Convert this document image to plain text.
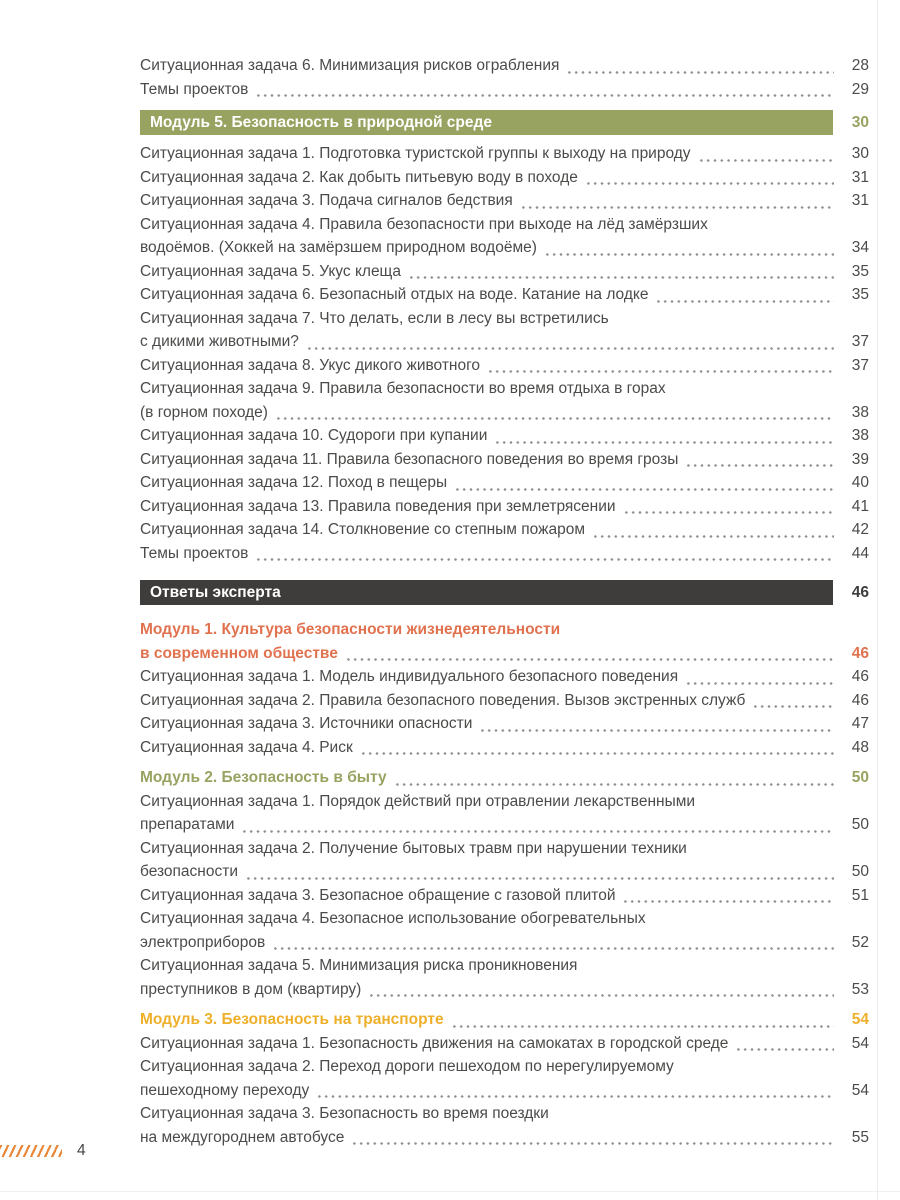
Ситуационная задача 6. Минимизация рисков ограбления	28
Темы проектов	29
Модуль 5. Безопасность в природной среде	30
Ситуационная задача 1. Подготовка туристской группы к выходу на природу	30
Ситуационная задача 2. Как добыть питьевую воду в походе	31
Ситуационная задача 3. Подача сигналов бедствия	31
Ситуационная задача 4. Правила безопасности при выходе на лёд замёрзших
водоёмов. (Хоккей на замёрзшем природном водоёме)	34
Ситуационная задача 5. Укус клеща	35
Ситуационная задача 6. Безопасный отдых на воде. Катание на лодке	35
Ситуационная задача 7. Что делать, если в лесу вы встретились
с дикими животными?	37
Ситуационная задача 8. Укус дикого животного	37
Ситуационная задача 9. Правила безопасности во время отдыха в горах
(в горном походе)	38
Ситуационная задача 10. Судороги при купании	38
Ситуационная задача 11. Правила безопасного поведения во время грозы	39
Ситуационная задача 12. Поход в пещеры	40
Ситуационная задача 13. Правила поведения при землетрясении	41
Ситуационная задача 14. Столкновение со степным пожаром	42
Темы проектов	44
Ответы эксперта	46
Модуль 1. Культура безопасности жизнедеятельности
в современном обществе	46
Ситуационная задача 1. Модель индивидуального безопасного поведения	46
Ситуационная задача 2. Правила безопасного поведения. Вызов экстренных служб	46
Ситуационная задача 3. Источники опасности	47
Ситуационная задача 4. Риск	48
Модуль 2. Безопасность в быту	50
Ситуационная задача 1. Порядок действий при отравлении лекарственными
препаратами	50
Ситуационная задача 2. Получение бытовых травм при нарушении техники
безопасности	50
Ситуационная задача 3. Безопасное обращение с газовой плитой	51
Ситуационная задача 4. Безопасное использование обогревательных
электроприборов	52
Ситуационная задача 5. Минимизация риска проникновения
преступников в дом (квартиру)	53
Модуль 3. Безопасность на транспорте	54
Ситуационная задача 1. Безопасность движения на самокатах в городской среде	54
Ситуационная задача 2. Переход дороги пешеходом по нерегулируемому
пешеходному переходу	54
Ситуационная задача 3. Безопасность во время поездки
на междугороднем автобусе	55
4
